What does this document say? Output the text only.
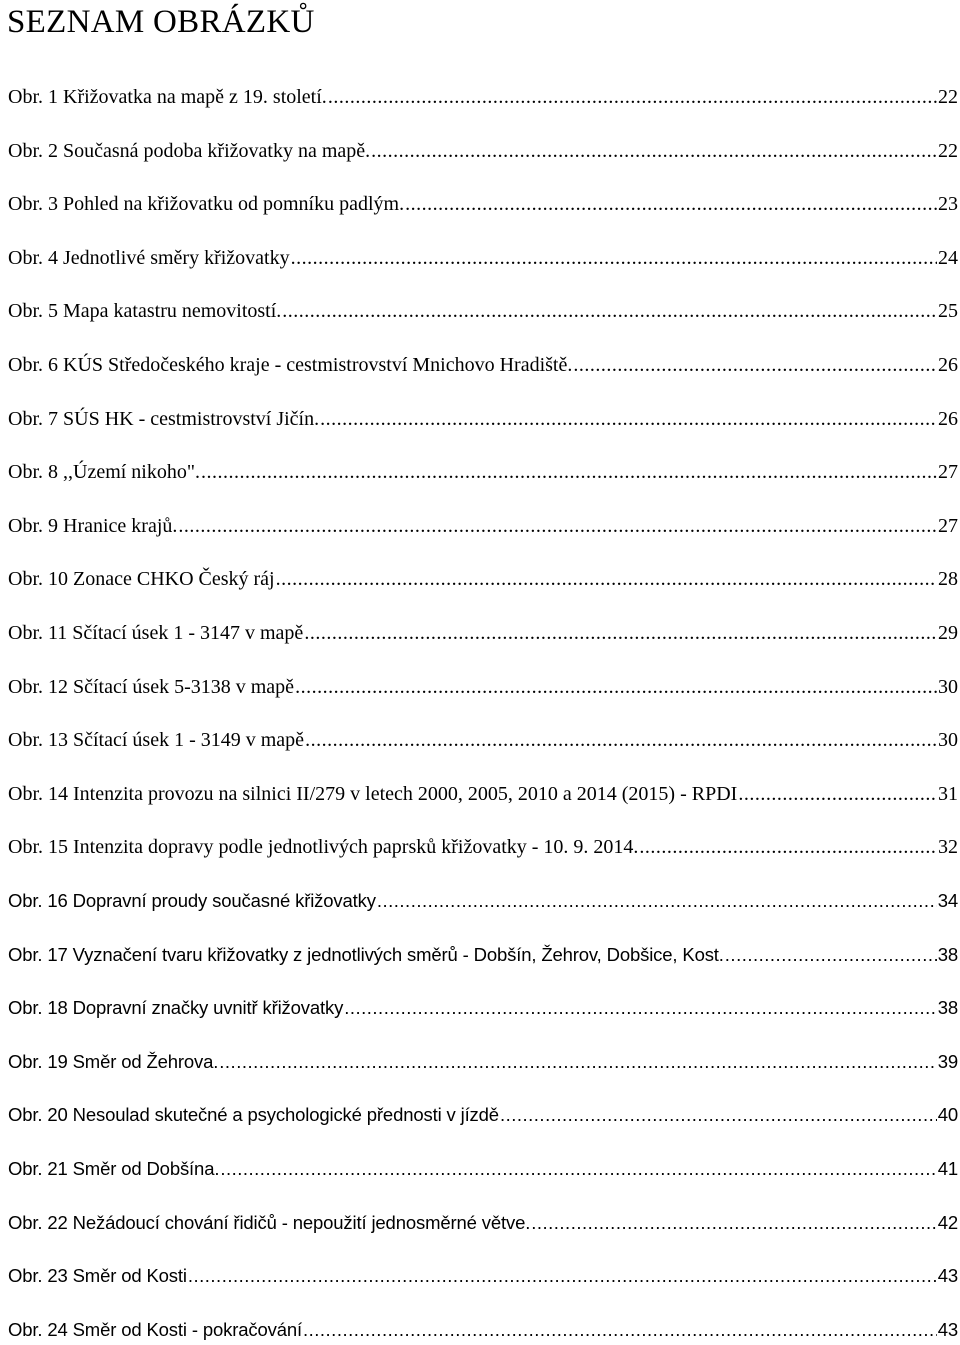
SEZNAM OBRÁZKŮ
Obr. 1 Křižovatka na mapě z 19. století. .....	22
Obr. 2 Současná podoba křižovatky na mapě. .....	22
Obr. 3 Pohled na křižovatku od pomníku padlým. .....	23
Obr. 4 Jednotlivé směry křižovatky .....	24
Obr. 5 Mapa katastru nemovitostí. .....	25
Obr. 6 KÚS Středočeského kraje - cestmistrovství Mnichovo Hradiště. .....	26
Obr. 7 SÚS HK - cestmistrovství Jičín. .....	26
Obr. 8 ,,Území nikoho". .....	27
Obr. 9 Hranice krajů. .....	27
Obr. 10 Zonace CHKO Český ráj .....	28
Obr. 11 Sčítací úsek 1 - 3147 v mapě .....	29
Obr. 12 Sčítací úsek 5-3138 v mapě .....	30
Obr. 13 Sčítací úsek 1 - 3149 v mapě .....	30
Obr. 14 Intenzita provozu na silnici II/279 v letech 2000, 2005, 2010 a 2014 (2015) - RPDI .....	31
Obr. 15 Intenzita dopravy podle jednotlivých paprsků křižovatky - 10. 9. 2014. .....	32
Obr. 16 Dopravní proudy současné křižovatky .....	34
Obr. 17 Vyznačení tvaru křižovatky z jednotlivých směrů - Dobšín, Žehrov, Dobšice, Kost. .....	38
Obr. 18 Dopravní značky uvnitř křižovatky .....	38
Obr. 19 Směr od Žehrova. .....	39
Obr. 20 Nesoulad skutečné a psychologické přednosti v jízdě .....	40
Obr. 21 Směr od Dobšína. .....	41
Obr. 22 Nežádoucí chování řidičů - nepoužití jednosměrné větve. .....	42
Obr. 23 Směr od Kosti .....	43
Obr. 24 Směr od Kosti - pokračování .....	43
